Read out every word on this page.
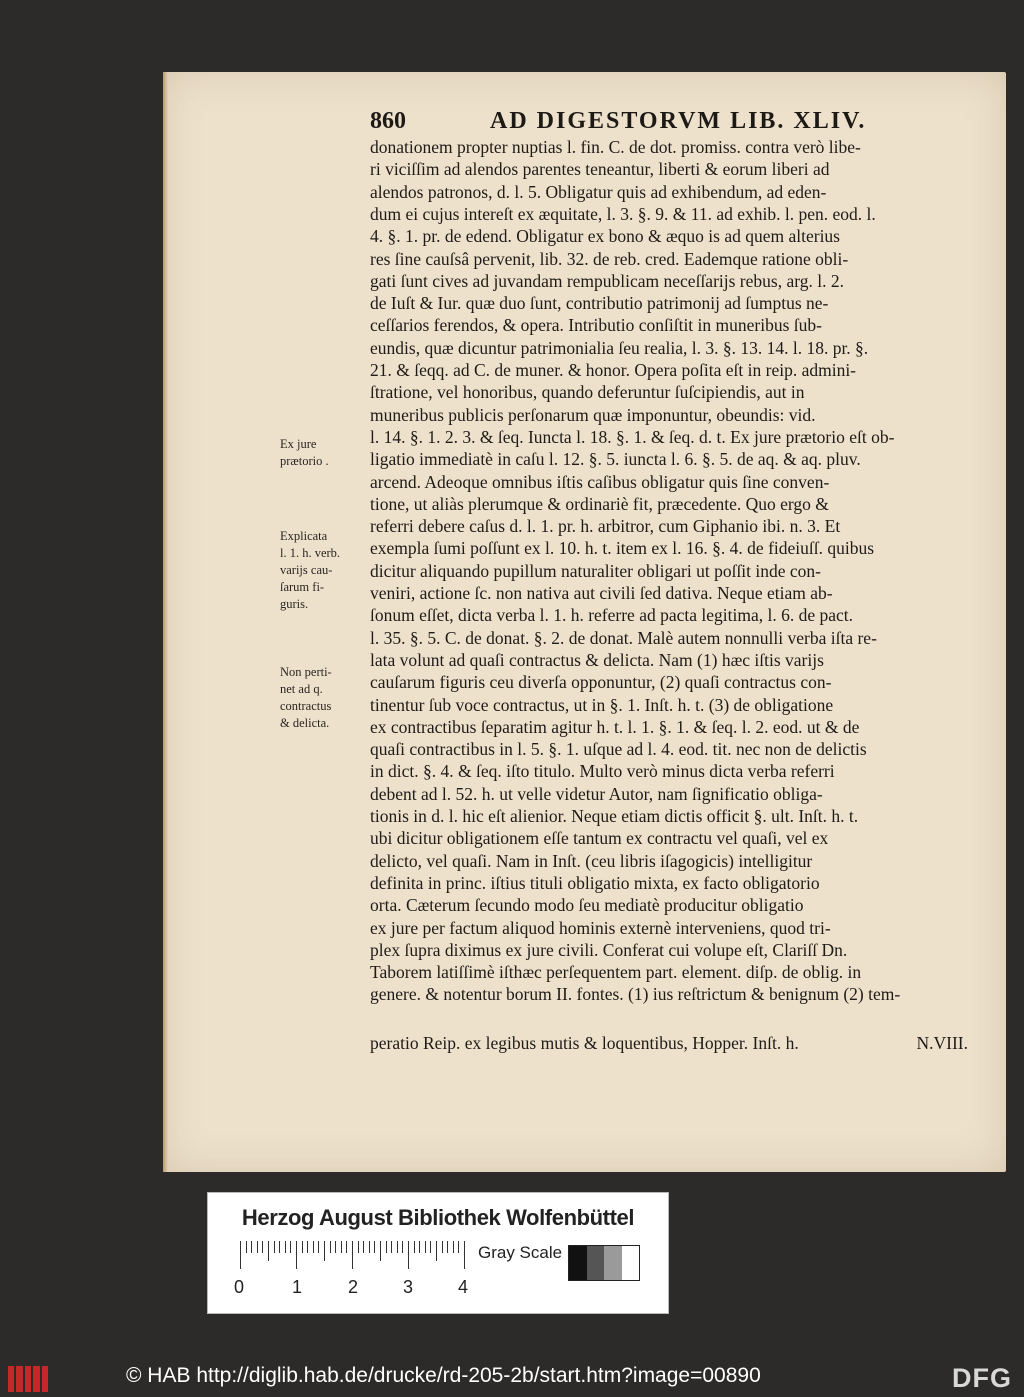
860	AD DIGESTORVM LIB. XLIV.
donationem propter nuptias l. fin. C. de dot. promiss. contra verò libe-
ri viciſſim ad alendos parentes teneantur, liberti & eorum liberi ad
alendos patronos, d. l. 5. Obligatur quis ad exhibendum, ad eden-
dum ei cujus intereſt ex æquitate, l. 3. §. 9. & 11. ad exhib. l. pen. eod. l.
4. §. 1. pr. de edend. Obligatur ex bono & æquo is ad quem alterius
res ſine cauſsâ pervenit, lib. 32. de reb. cred. Eademque ratione obli-
gati ſunt cives ad juvandam rempublicam neceſſarijs rebus, arg. l. 2.
de Iuſt & Iur. quæ duo ſunt, contributio patrimonij ad ſumptus ne-
ceſſarios ferendos, & opera. Intributio conſiſtit in muneribus ſub-
eundis, quæ dicuntur patrimonialia ſeu realia, l. 3. §. 13. 14. l. 18. pr. §.
21. & ſeqq. ad C. de muner. & honor. Opera poſita eſt in reip. admini-
ſtratione, vel honoribus, quando deferuntur ſuſcipiendis, aut in
muneribus publicis perſonarum quæ imponuntur, obeundis: vid.
l. 14. §. 1. 2. 3. & ſeq. Iuncta l. 18. §. 1. & ſeq. d. t. Ex jure prætorio eſt ob-
ligatio immediatè in caſu l. 12. §. 5. iuncta l. 6. §. 5. de aq. & aq. pluv.
arcend. Adeoque omnibus iſtis caſibus obligatur quis ſine conven-
tione, ut aliàs plerumque & ordinariè fit, præcedente. Quo ergo &
referri debere caſus d. l. 1. pr. h. arbitror, cum Giphanio ibi. n. 3. Et
exempla ſumi poſſunt ex l. 10. h. t. item ex l. 16. §. 4. de fideiuſſ. quibus
dicitur aliquando pupillum naturaliter obligari ut poſſit inde con-
veniri, actione ſc. non nativa aut civili ſed dativa. Neque etiam ab-
ſonum eſſet, dicta verba l. 1. h. referre ad pacta legitima, l. 6. de pact.
l. 35. §. 5. C. de donat. §. 2. de donat. Malè autem nonnulli verba iſta re-
lata volunt ad quaſi contractus & delicta. Nam (1) hæc iſtis varijs
cauſarum figuris ceu diverſa opponuntur, (2) quaſi contractus con-
tinentur ſub voce contractus, ut in §. 1. Inſt. h. t. (3) de obligatione
ex contractibus ſeparatim agitur h. t. l. 1. §. 1. & ſeq. l. 2. eod. ut & de
quaſi contractibus in l. 5. §. 1. uſque ad l. 4. eod. tit. nec non de delictis
in dict. §. 4. & ſeq. iſto titulo. Multo verò minus dicta verba referri
debent ad l. 52. h. ut velle videtur Autor, nam ſignificatio obliga-
tionis in d. l. hic eſt alienior. Neque etiam dictis officit §. ult. Inſt. h. t.
ubi dicitur obligationem eſſe tantum ex contractu vel quaſi, vel ex
delicto, vel quaſi. Nam in Inſt. (ceu libris iſagogicis) intelligitur
definita in princ. iſtius tituli obligatio mixta, ex facto obligatorio
orta. Cæterum ſecundo modo ſeu mediatè producitur obligatio
ex jure per factum aliquod hominis externè interveniens, quod tri-
plex ſupra diximus ex jure civili. Conferat cui volupe eſt, Clariſſ Dn.
Taborem latiſſimè iſthæc perſequentem part. element. diſp. de oblig. in
genere. & notentur borum II. fontes. (1) ius reſtrictum & benignum (2) tem-
Ex jure
prætorio .
Explicata
l. 1. h. verb.
varijs cau-
ſarum fi-
guris.
Non perti-
net ad q.
contractus
& delicta.
peratio Reip. ex legibus mutis & loquentibus, Hopper. Inſt. h.	N.VIII.
Herzog August Bibliothek Wolfenbüttel
0	1	2 3 4
Gray Scale
© HAB http://diglib.hab.de/drucke/rd-205-2b/start.htm?image=00890	DFG
